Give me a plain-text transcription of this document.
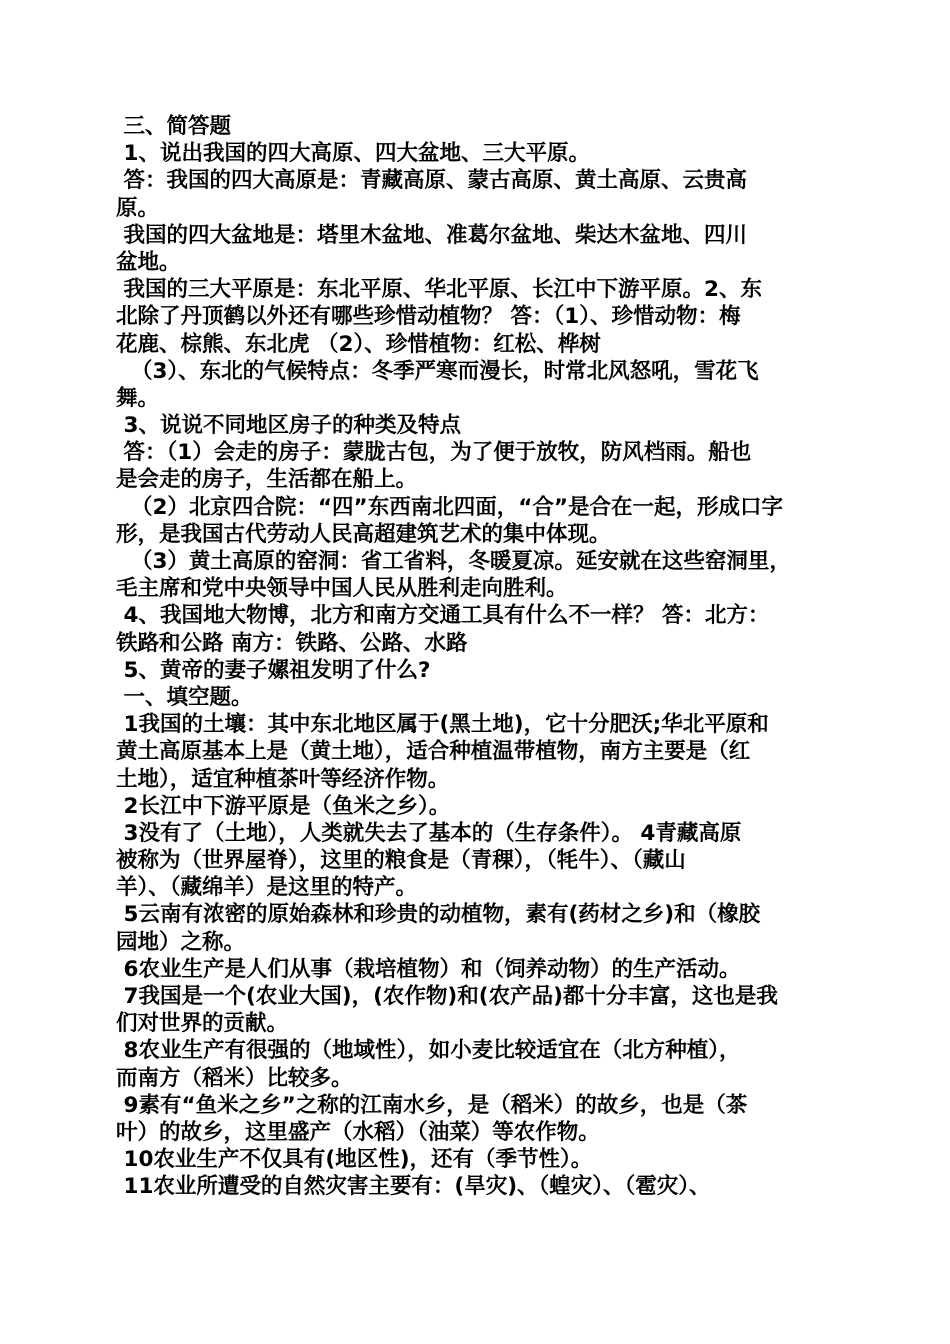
三、简答题
1、说出我国的四大高原、四大盆地、三大平原。
答：我国的四大高原是：青藏高原、蒙古高原、黄土高原、云贵高
原。
我国的四大盆地是：塔里木盆地、准葛尔盆地、柴达木盆地、四川
盆地。
我国的三大平原是：东北平原、华北平原、长江中下游平原。2、东
北除了丹顶鹤以外还有哪些珍惜动植物？ 答：（1）、珍惜动物：梅
花鹿、棕熊、东北虎 （2）、珍惜植物：红松、桦树
（3）、东北的气候特点：冬季严寒而漫长，时常北风怒吼，雪花飞
舞。
3、说说不同地区房子的种类及特点
答：（1）会走的房子：蒙胧古包，为了便于放牧，防风档雨。船也
是会走的房子，生活都在船上。
（2）北京四合院：“四”东西南北四面，“合”是合在一起，形成口字
形，是我国古代劳动人民高超建筑艺术的集中体现。
（3）黄土高原的窑洞：省工省料，冬暖夏凉。延安就在这些窑洞里，
毛主席和党中央领导中国人民从胜利走向胜利。
4、我国地大物博，北方和南方交通工具有什么不一样？ 答：北方：
铁路和公路 南方：铁路、公路、水路
5、黄帝的妻子嫘祖发明了什么?
一、填空题。
1我国的土壤：其中东北地区属于(黑土地)，它十分肥沃;华北平原和
黄土高原基本上是（黄土地），适合种植温带植物，南方主要是（红
土地），适宜种植茶叶等经济作物。
2长江中下游平原是（鱼米之乡）。
3没有了（土地），人类就失去了基本的（生存条件）。 4青藏高原
被称为（世界屋脊），这里的粮食是（青稞），（牦牛）、（藏山
羊）、（藏绵羊）是这里的特产。
5云南有浓密的原始森林和珍贵的动植物，素有(药材之乡)和（橡胶
园地）之称。
6农业生产是人们从事（栽培植物）和（饲养动物）的生产活动。
7我国是一个(农业大国)，(农作物)和(农产品)都十分丰富，这也是我
们对世界的贡献。
8农业生产有很强的（地域性），如小麦比较适宜在（北方种植），
而南方（稻米）比较多。
9素有“鱼米之乡”之称的江南水乡，是（稻米）的故乡，也是（茶
叶）的故乡，这里盛产（水稻）（油菜）等农作物。
10农业生产不仅具有(地区性)，还有（季节性）。
11农业所遭受的自然灾害主要有：(旱灾)、（蝗灾）、（雹灾）、
